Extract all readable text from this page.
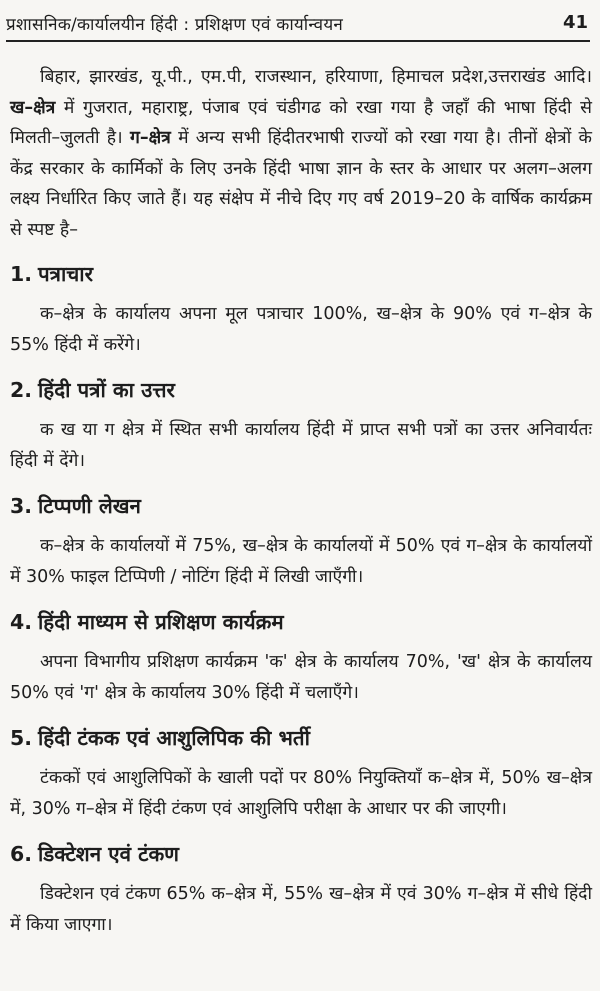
प्रशासनिक/कार्यालयीन हिंदी : प्रशिक्षण एवं कार्यान्वयन	41

बिहार, झारखंड, यू.पी., एम.पी, राजस्थान, हरियाणा, हिमाचल प्रदेश,उत्तराखंड आदि। ख–क्षेत्र में गुजरात, महाराष्ट्र, पंजाब एवं चंडीगढ को रखा गया है जहाँ की भाषा हिंदी से मिलती–जुलती है। ग–क्षेत्र में अन्य सभी हिंदीतरभाषी राज्यों को रखा गया है। तीनों क्षेत्रों के केंद्र सरकार के कार्मिकों के लिए उनके हिंदी भाषा ज्ञान के स्तर के आधार पर अलग–अलग लक्ष्य निर्धारित किए जाते हैं। यह संक्षेप में नीचे दिए गए वर्ष 2019–20 के वार्षिक कार्यक्रम से स्पष्ट है–

1. पत्राचार

क–क्षेत्र के कार्यालय अपना मूल पत्राचार 100%, ख–क्षेत्र के 90% एवं ग–क्षेत्र के 55% हिंदी में करेंगे।

2. हिंदी पत्रों का उत्तर

क ख या ग क्षेत्र में स्थित सभी कार्यालय हिंदी में प्राप्त सभी पत्रों का उत्तर अनिवार्यतः हिंदी में देंगे।

3. टिप्पणी लेखन

क–क्षेत्र के कार्यालयों में 75%, ख–क्षेत्र के कार्यालयों में 50% एवं ग–क्षेत्र के कार्यालयों में 30% फाइल टिप्पिणी / नोटिंग हिंदी में लिखी जाएँगी।

4. हिंदी माध्यम से प्रशिक्षण कार्यक्रम

अपना विभागीय प्रशिक्षण कार्यक्रम 'क' क्षेत्र के कार्यालय 70%, 'ख' क्षेत्र के कार्यालय 50% एवं 'ग' क्षेत्र के कार्यालय 30% हिंदी में चलाएँगे।

5. हिंदी टंकक एवं आशुलिपिक की भर्ती

टंककों एवं आशुलिपिकों के खाली पदों पर 80% नियुक्तियाँ क–क्षेत्र में, 50% ख–क्षेत्र में, 30% ग–क्षेत्र में हिंदी टंकण एवं आशुलिपि परीक्षा के आधार पर की जाएगी।

6. डिक्टेशन एवं टंकण

डिक्टेशन एवं टंकण 65% क–क्षेत्र में, 55% ख–क्षेत्र में एवं 30% ग–क्षेत्र में सीधे हिंदी में किया जाएगा।
